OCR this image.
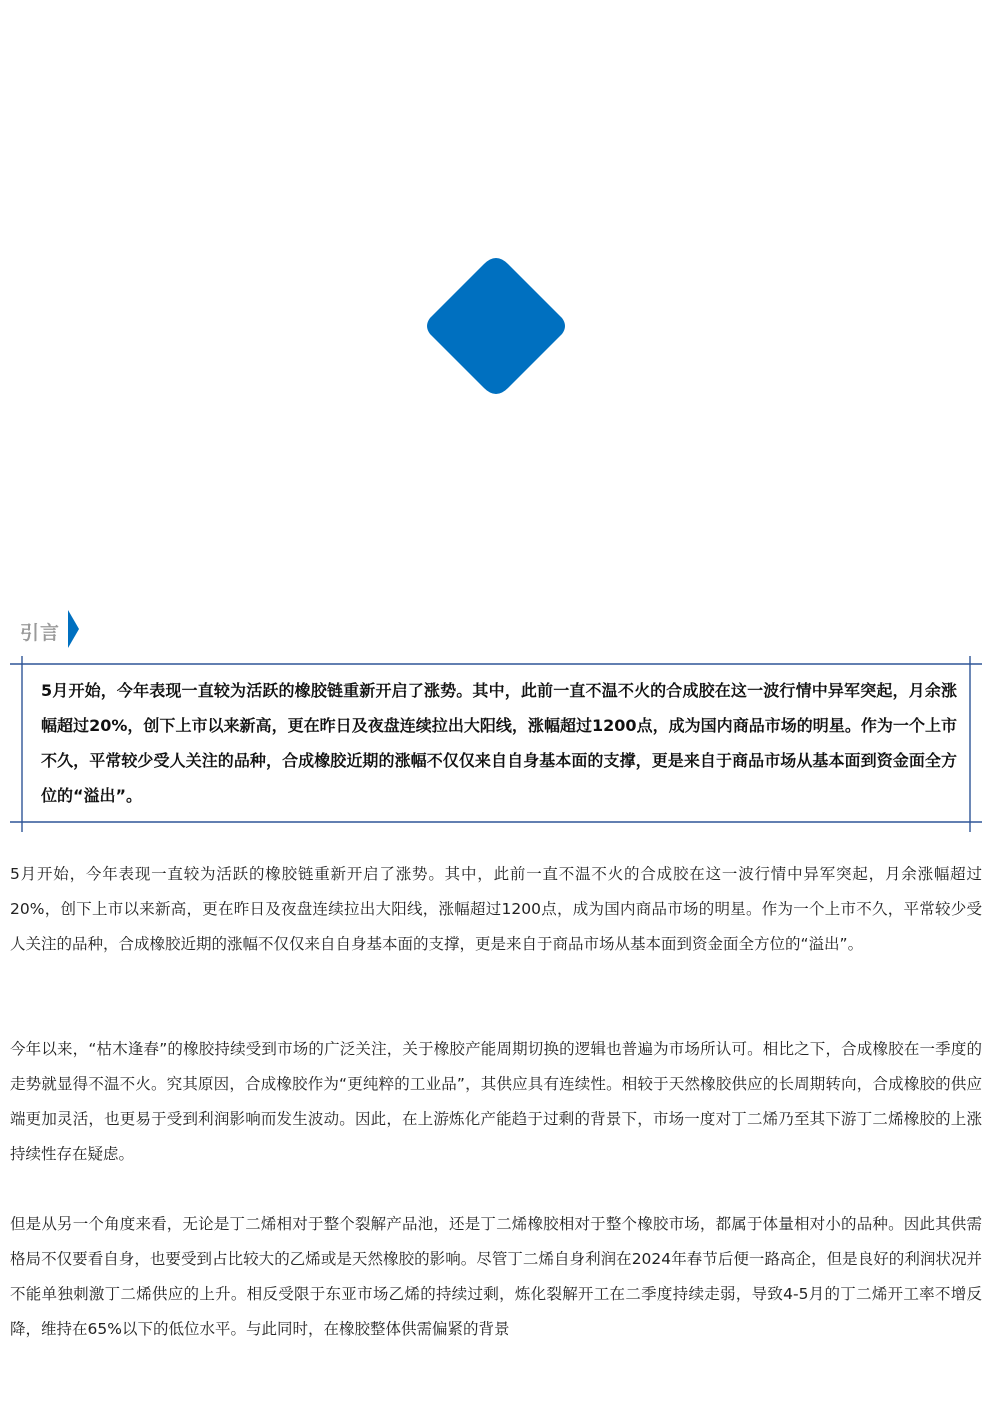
引言
5月开始，今年表现一直较为活跃的橡胶链重新开启了涨势。其中，此前一直不温不火的合成胶在这一波行情中异军突起，月余涨幅超过20%，创下上市以来新高，更在昨日及夜盘连续拉出大阳线，涨幅超过1200点，成为国内商品市场的明星。作为一个上市不久，平常较少受人关注的品种，合成橡胶近期的涨幅不仅仅来自自身基本面的支撑，更是来自于商品市场从基本面到资金面全方位的“溢出”。

5月开始，今年表现一直较为活跃的橡胶链重新开启了涨势。其中，此前一直不温不火的合成胶在这一波行情中异军突起，月余涨幅超过20%，创下上市以来新高，更在昨日及夜盘连续拉出大阳线，涨幅超过1200点，成为国内商品市场的明星。作为一个上市不久，平常较少受人关注的品种，合成橡胶近期的涨幅不仅仅来自自身基本面的支撑，更是来自于商品市场从基本面到资金面全方位的“溢出”。

今年以来，“枯木逢春”的橡胶持续受到市场的广泛关注，关于橡胶产能周期切换的逻辑也普遍为市场所认可。相比之下，合成橡胶在一季度的走势就显得不温不火。究其原因，合成橡胶作为“更纯粹的工业品”，其供应具有连续性。相较于天然橡胶供应的长周期转向，合成橡胶的供应端更加灵活，也更易于受到利润影响而发生波动。因此，在上游炼化产能趋于过剩的背景下，市场一度对丁二烯乃至其下游丁二烯橡胶的上涨持续性存在疑虑。

但是从另一个角度来看，无论是丁二烯相对于整个裂解产品池，还是丁二烯橡胶相对于整个橡胶市场，都属于体量相对小的品种。因此其供需格局不仅要看自身，也要受到占比较大的乙烯或是天然橡胶的影响。尽管丁二烯自身利润在2024年春节后便一路高企，但是良好的利润状况并不能单独刺激丁二烯供应的上升。相反受限于东亚市场乙烯的持续过剩，炼化裂解开工在二季度持续走弱，导致4-5月的丁二烯开工率不增反降，维持在65%以下的低位水平。与此同时，在橡胶整体供需偏紧的背景
